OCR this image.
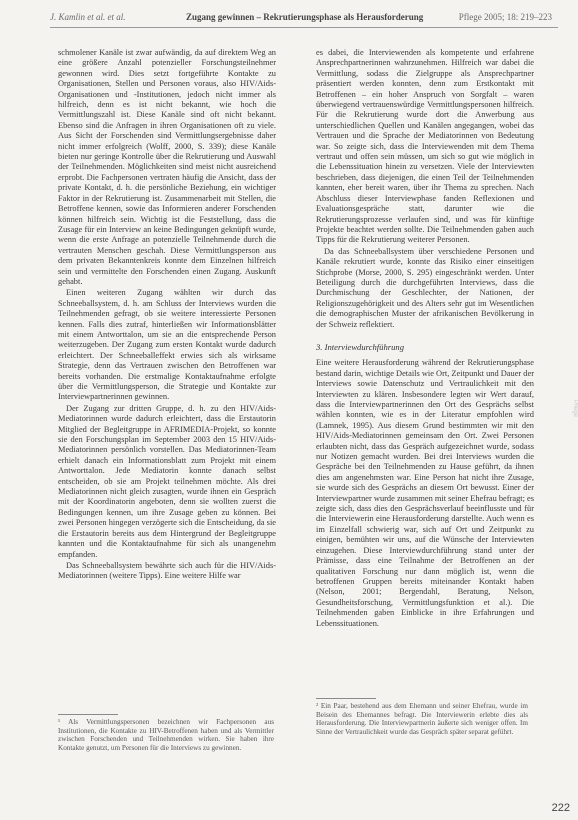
J. Kamlin et al. et al.	Zugang gewinnen – Rekrutierungsphase als Herausforderung	Pflege 2005; 18: 219–223

schmolener Kanäle ist zwar aufwändig, da auf direktem Weg an eine größere Anzahl potenzieller Forschungsteilnehmer gewonnen wird. Dies setzt fortgeführte Kontakte zu Organisationen, Stellen und Personen voraus, also HIV/Aids-Organisationen und -Institutionen, jedoch nicht immer als hilfreich, denn es ist nicht bekannt, wie hoch die Vermittlungszahl ist. Diese Kanäle sind oft nicht bekannt. Ebenso sind die Anfragen in ihren Organisationen oft zu viele. Aus Sicht der Forschenden sind Vermittlungsergebnisse daher nicht immer erfolgreich (Wolff, 2000, S. 339); diese Kanäle bieten nur geringe Kontrolle über die Rekrutierung und Auswahl der Teilnehmenden. Möglichkeiten sind meist nicht ausreichend erprobt. Die Fachpersonen vertraten häufig die Ansicht, dass der private Kontakt, d. h. die persönliche Beziehung, ein wichtiger Faktor in der Rekrutierung ist. Zusammenarbeit mit Stellen, die Betroffene kennen, sowie das Informieren anderer Forschenden können hilfreich sein. Wichtig ist die Feststellung, dass die Zusage für ein Interview an keine Bedingungen geknüpft wurde, wenn die erste Anfrage an potenzielle Teilnehmende durch die vertrauten Menschen geschah. Diese Vermittlungsperson aus dem privaten Bekanntenkreis konnte dem Einzelnen hilfreich sein und vermittelte den Forschenden einen Zugang. Auskunft gehabt.

Einen weiteren Zugang wählten wir durch das Schneeballsystem, d. h. am Schluss der Interviews wurden die Teilnehmenden gefragt, ob sie weitere interessierte Personen kennen. Falls dies zutraf, hinterließen wir Informationsblätter mit einem Antworttalon, um sie an die entsprechende Person weiterzugeben. Der Zugang zum ersten Kontakt wurde dadurch erleichtert. Der Schneeballeffekt erwies sich als wirksame Strategie, denn das Vertrauen zwischen den Betroffenen war bereits vorhanden. Die erstmalige Kontaktaufnahme erfolgte über die Vermittlungsperson, die Strategie und Kontakte zur Interviewpartnerinnen gewinnen.

Der Zugang zur dritten Gruppe, d. h. zu den HIV/Aids-Mediatorinnen wurde dadurch erleichtert, dass die Erstautorin Mitglied der Begleitgruppe in AFRIMEDIA-Projekt, so konnte sie den Forschungsplan im September 2003 den 15 HIV/Aids-Mediatorinnen persönlich vorstellen. Das Mediatorinnen-Team erhielt danach ein Informationsblatt zum Projekt mit einem Antworttalon. Jede Mediatorin konnte danach selbst entscheiden, ob sie am Projekt teilnehmen möchte. Als drei Mediatorinnen nicht gleich zusagten, wurde ihnen ein Gespräch mit der Koordinatorin angeboten, denn sie wollten zuerst die Bedingungen kennen, um ihre Zusage geben zu können. Bei zwei Personen hingegen verzögerte sich die Entscheidung, da sie die Erstautorin bereits aus dem Hintergrund der Begleitgruppe kannten und die Kontaktaufnahme für sich als unangenehm empfanden.

Das Schneeballsystem bewährte sich auch für die HIV/Aids-Mediatorinnen (weitere Tipps). Eine weitere Hilfe war

es dabei, die Interviewenden als kompetente und erfahrene Ansprechpartnerinnen wahrzunehmen. Hilfreich war dabei die Vermittlung, sodass die Zielgruppe als Ansprechpartner präsentiert werden konnten, denn zum Erstkontakt mit Betroffenen – ein hoher Anspruch von Sorgfalt – waren überwiegend vertrauenswürdige Vermittlungspersonen hilfreich. Für die Rekrutierung wurde dort die Anwerbung aus unterschiedlichen Quellen und Kanälen angegangen, wobei das Vertrauen und die Sprache der Mediatorinnen von Bedeutung war. So zeigte sich, dass die Interviewenden mit dem Thema vertraut und offen sein müssen, um sich so gut wie möglich in die Lebenssituation hinein zu versetzen. Viele der Interviewten beschrieben, dass diejenigen, die einen Teil der Teilnehmenden kannten, eher bereit waren, über ihr Thema zu sprechen. Nach Abschluss dieser Interviewphase fanden Reflexionen und Evaluationsgespräche statt, darunter wie die Rekrutierungsprozesse verlaufen sind, und was für künftige Projekte beachtet werden sollte. Die Teilnehmenden gaben auch Tipps für die Rekrutierung weiterer Personen.

Da das Schneeballsystem über verschiedene Personen und Kanäle rekrutiert wurde, konnte das Risiko einer einseitigen Stichprobe (Morse, 2000, S. 295) eingeschränkt werden. Unter Beteiligung durch die durchgeführten Interviews, dass die Durchmischung der Geschlechter, der Nationen, der Religionszugehörigkeit und des Alters sehr gut im Wesentlichen die demographischen Muster der afrikanischen Bevölkerung in der Schweiz reflektiert.

3. Interviewdurchführung

Eine weitere Herausforderung während der Rekrutierungsphase bestand darin, wichtige Details wie Ort, Zeitpunkt und Dauer der Interviews sowie Datenschutz und Vertraulichkeit mit den Interviewten zu klären. Insbesondere legten wir Wert darauf, dass die Interviewpartnerinnen den Ort des Gesprächs selbst wählen konnten, wie es in der Literatur empfohlen wird (Lamnek, 1995). Aus diesem Grund bestimmten wir mit den HIV/Aids-Mediatorinnen gemeinsam den Ort. Zwei Personen erlaubten nicht, dass das Gespräch aufgezeichnet wurde, sodass nur Notizen gemacht wurden. Bei drei Interviews wurden die Gespräche bei den Teilnehmenden zu Hause geführt, da ihnen dies am angenehmsten war. Eine Person hat nicht ihre Zusage, sie wurde sich des Gesprächs an diesem Ort bewusst. Einer der Interviewpartner wurde zusammen mit seiner Ehefrau befragt; es zeigte sich, dass dies den Gesprächsverlauf beeinflusste und für die Interviewerin eine Herausforderung darstellte. Auch wenn es im Einzelfall schwierig war, sich auf Ort und Zeitpunkt zu einigen, bemühten wir uns, auf die Wünsche der Interviewten einzugehen. Diese Interviewdurchführung stand unter der Prämisse, dass eine Teilnahme der Betroffenen an der qualitativen Forschung nur dann möglich ist, wenn die betroffenen Gruppen bereits miteinander Kontakt haben (Nelson, 2001; Bergendahl, Beratung, Nelson, Gesundheitsforschung, Vermittlungsfunktion et al.). Die Teilnehmenden gaben Einblicke in ihre Erfahrungen und Lebenssituationen.

¹ Als Vermittlungspersonen bezeichnen wir Fachpersonen aus Institutionen, die Kontakte zu HIV-Betroffenen haben und als Vermittler zwischen Forschenden und Teilnehmenden wirken. Sie haben ihre Kontakte genutzt, um Personen für die Interviews zu gewinnen.
² Ein Paar, bestehend aus dem Ehemann und seiner Ehefrau, wurde im Beisein des Ehemannes befragt. Die Interviewerin erlebte dies als Herausforderung. Die Interviewpartnerin äußerte sich weniger offen. Im Sinne der Vertraulichkeit wurde das Gespräch später separat geführt.
222
Pflege
